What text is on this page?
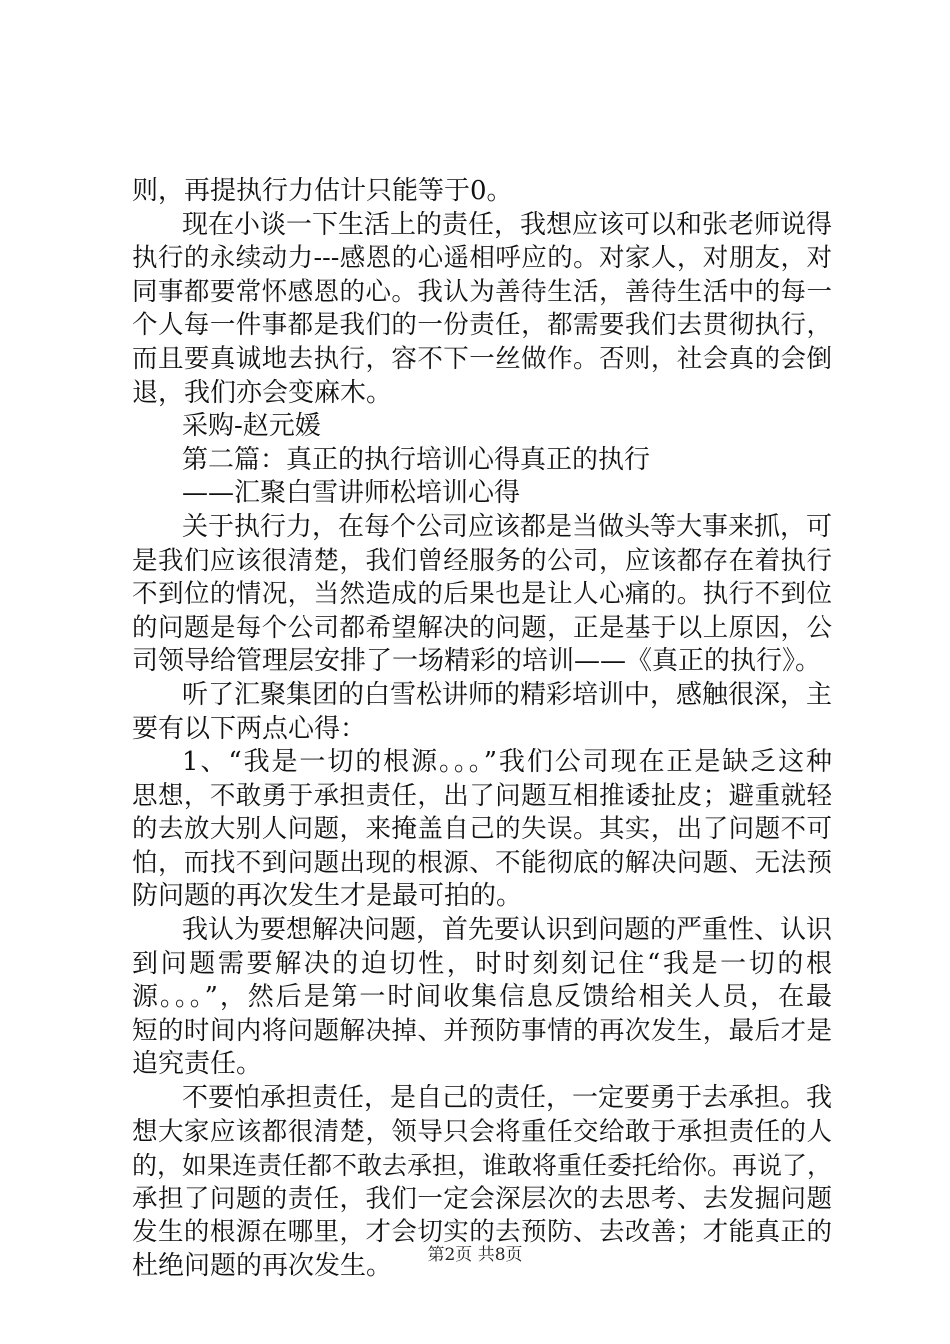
则，再提执行力估计只能等于0。
现在小谈一下生活上的责任，我想应该可以和张老师说得
执行的永续动力---感恩的心遥相呼应的。对家人，对朋友，对
同事都要常怀感恩的心。我认为善待生活，善待生活中的每一
个人每一件事都是我们的一份责任，都需要我们去贯彻执行，
而且要真诚地去执行，容不下一丝做作。否则，社会真的会倒
退，我们亦会变麻木。
采购-赵元媛
第二篇：真正的执行培训心得真正的执行
——汇聚白雪讲师松培训心得
关于执行力，在每个公司应该都是当做头等大事来抓，可
是我们应该很清楚，我们曾经服务的公司，应该都存在着执行
不到位的情况，当然造成的后果也是让人心痛的。执行不到位
的问题是每个公司都希望解决的问题，正是基于以上原因，公
司领导给管理层安排了一场精彩的培训——《真正的执行》。
听了汇聚集团的白雪松讲师的精彩培训中，感触很深，主
要有以下两点心得：
1、“我是一切的根源。。。”我们公司现在正是缺乏这种
思想，不敢勇于承担责任，出了问题互相推诿扯皮；避重就轻
的去放大别人问题，来掩盖自己的失误。其实，出了问题不可
怕，而找不到问题出现的根源、不能彻底的解决问题、无法预
防问题的再次发生才是最可拍的。
我认为要想解决问题，首先要认识到问题的严重性、认识
到问题需要解决的迫切性，时时刻刻记住“我是一切的根
源。。。”，然后是第一时间收集信息反馈给相关人员，在最
短的时间内将问题解决掉、并预防事情的再次发生，最后才是
追究责任。
不要怕承担责任，是自己的责任，一定要勇于去承担。我
想大家应该都很清楚，领导只会将重任交给敢于承担责任的人
的，如果连责任都不敢去承担，谁敢将重任委托给你。再说了，
承担了问题的责任，我们一定会深层次的去思考、去发掘问题
发生的根源在哪里，才会切实的去预防、去改善；才能真正的
杜绝问题的再次发生。	第2页 共8页
